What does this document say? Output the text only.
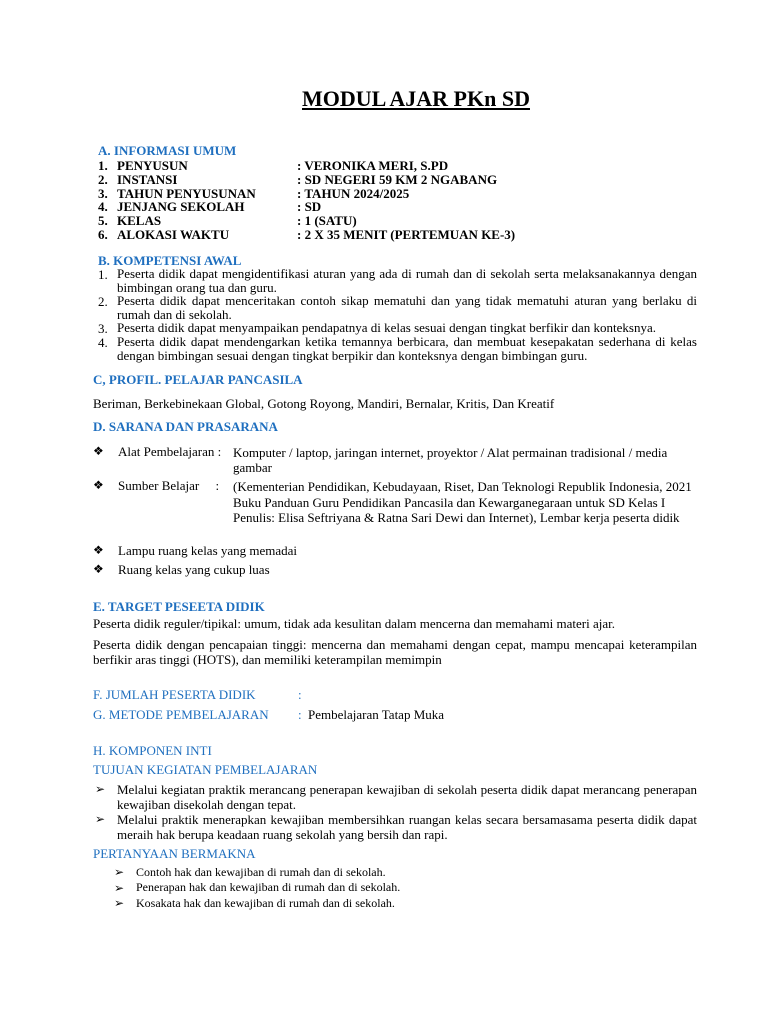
MODUL AJAR PKn SD
A. INFORMASI UMUM
1. PENYUSUN	: VERONIKA MERI, S.PD
2. INSTANSI	: SD NEGERI 59 KM 2 NGABANG
3. TAHUN PENYUSUNAN	: TAHUN 2024/2025
4. JENJANG SEKOLAH	: SD
5. KELAS	: 1 (SATU)
6. ALOKASI WAKTU	: 2 X 35 MENIT (PERTEMUAN KE-3)
B. KOMPETENSI AWAL
1. Peserta didik dapat mengidentifikasi aturan yang ada di rumah dan di sekolah serta melaksanakannya dengan bimbingan orang tua dan guru.
2. Peserta didik dapat menceritakan contoh sikap mematuhi dan yang tidak mematuhi aturan yang berlaku di rumah dan di sekolah.
3. Peserta didik dapat menyampaikan pendapatnya di kelas sesuai dengan tingkat berfikir dan konteksnya.
4. Peserta didik dapat mendengarkan ketika temannya berbicara, dan membuat kesepakatan sederhana di kelas dengan bimbingan sesuai dengan tingkat berpikir dan konteksnya dengan bimbingan guru.
C, PROFIL. PELAJAR PANCASILA
Beriman, Berkebinekaan Global, Gotong Royong, Mandiri, Bernalar, Kritis, Dan Kreatif
D. SARANA DAN PRASARANA
❖ Alat Pembelajaran : Komputer / laptop, jaringan internet, proyektor / Alat permainan tradisional / media gambar
❖ Sumber Belajar     : (Kementerian Pendidikan, Kebudayaan, Riset, Dan Teknologi Republik Indonesia, 2021 Buku Panduan Guru Pendidikan Pancasila dan Kewarganegaraan untuk SD Kelas I Penulis: Elisa Seftriyana & Ratna Sari Dewi dan Internet), Lembar kerja peserta didik
❖ Lampu ruang kelas yang memadai
❖ Ruang kelas yang cukup luas
E. TARGET PESEETA DIDIK
Peserta didik reguler/tipikal: umum, tidak ada kesulitan dalam mencerna dan memahami materi ajar.
Peserta didik dengan pencapaian tinggi: mencerna dan memahami dengan cepat, mampu mencapai keterampilan berfikir aras tinggi (HOTS), dan memiliki keterampilan memimpin
F. JUMLAH PESERTA DIDIK	:
G. METODE PEMBELAJARAN : Pembelajaran Tatap Muka
H. KOMPONEN INTI
TUJUAN KEGIATAN PEMBELAJARAN
➢ Melalui kegiatan praktik merancang penerapan kewajiban di sekolah peserta didik dapat merancang penerapan kewajiban disekolah dengan tepat.
➢ Melalui praktik menerapkan kewajiban membersihkan ruangan kelas secara bersamasama peserta didik dapat meraih hak berupa keadaan ruang sekolah yang bersih dan rapi.
PERTANYAAN BERMAKNA
➢ Contoh hak dan kewajiban di rumah dan di sekolah.
➢ Penerapan hak dan kewajiban di rumah dan di sekolah.
➢ Kosakata hak dan kewajiban di rumah dan di sekolah.
